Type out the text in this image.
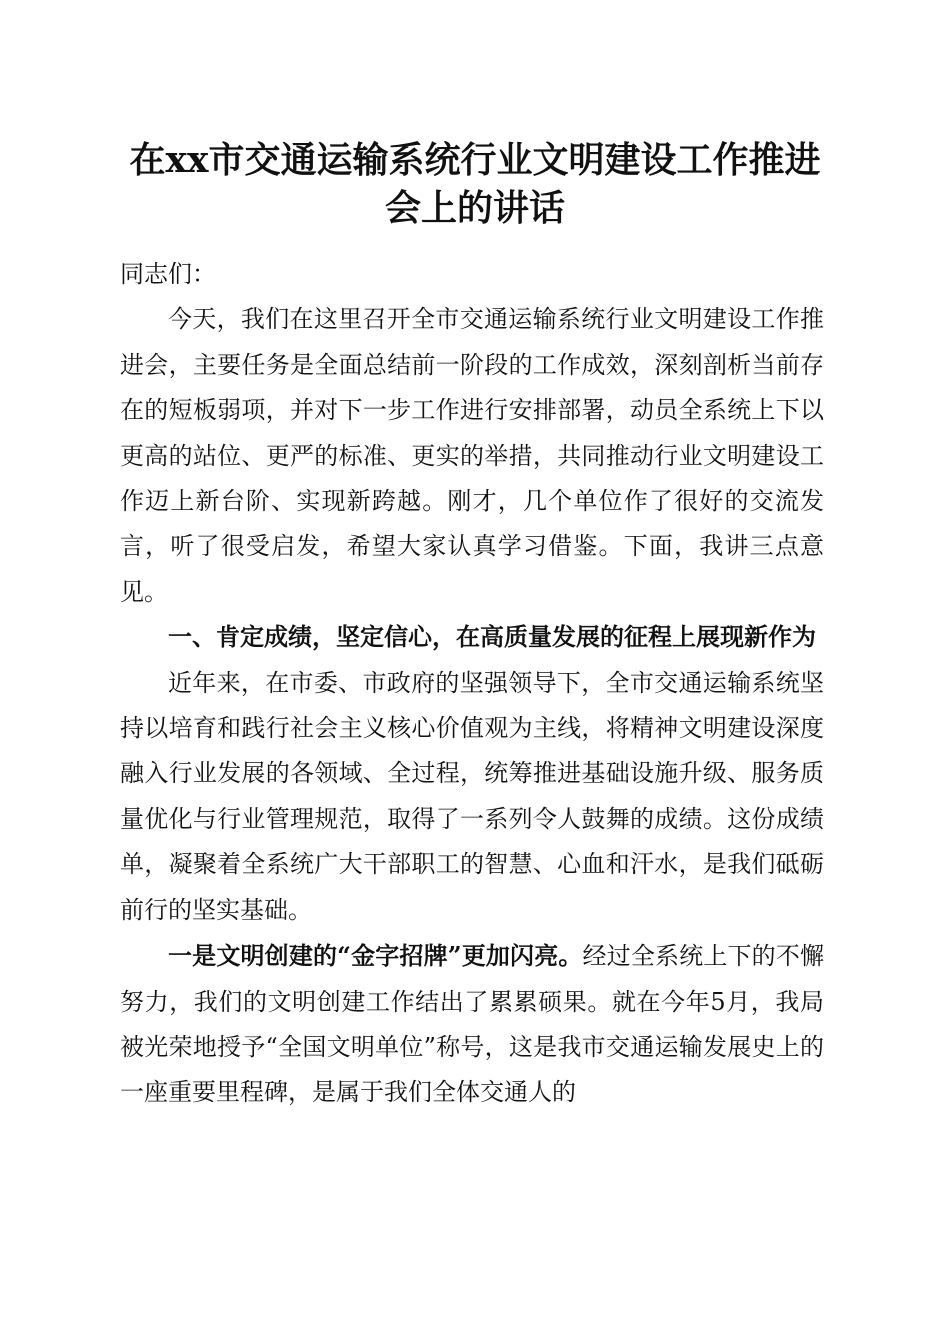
在xx市交通运输系统行业文明建设工作推进
会上的讲话

同志们：

今天，我们在这里召开全市交通运输系统行业文明建设工作推进会，主要任务是全面总结前一阶段的工作成效，深刻剖析当前存在的短板弱项，并对下一步工作进行安排部署，动员全系统上下以更高的站位、更严的标准、更实的举措，共同推动行业文明建设工作迈上新台阶、实现新跨越。刚才，几个单位作了很好的交流发言，听了很受启发，希望大家认真学习借鉴。下面，我讲三点意见。

一、肯定成绩，坚定信心，在高质量发展的征程上展现新作为

近年来，在市委、市政府的坚强领导下，全市交通运输系统坚持以培育和践行社会主义核心价值观为主线，将精神文明建设深度融入行业发展的各领域、全过程，统筹推进基础设施升级、服务质量优化与行业管理规范，取得了一系列令人鼓舞的成绩。这份成绩单，凝聚着全系统广大干部职工的智慧、心血和汗水，是我们砥砺前行的坚实基础。

一是文明创建的“金字招牌”更加闪亮。经过全系统上下的不懈努力，我们的文明创建工作结出了累累硕果。就在今年5月，我局被光荣地授予“全国文明单位”称号，这是我市交通运输发展史上的一座重要里程碑，是属于我们全体交通人的
